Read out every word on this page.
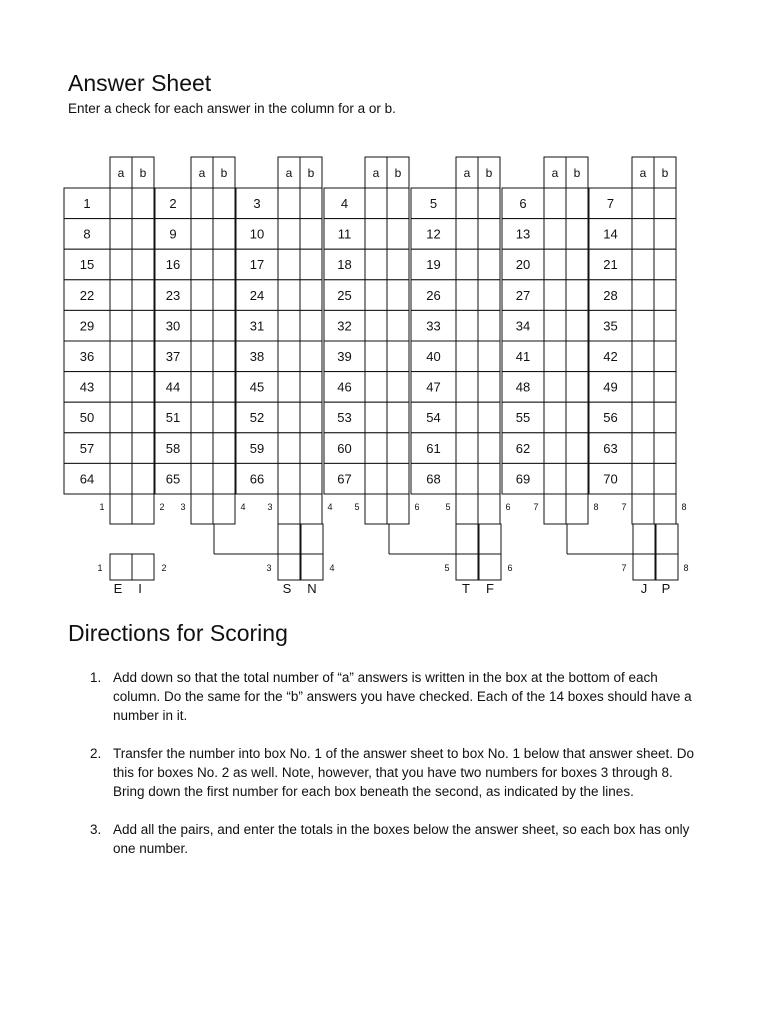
a b	a b	a b	a b	a b	a b	a b
1	2	3	4	5	6	7
8	9	10	11	12	13	14
15	16	17	18	19	20	21
22	23	24	25	26	27	28
29	30	31	32	33	34	35
36	37	38	39	40	41	42
43	44	45	46	47	48	49
50	51	52	53	54	55	56
57	58	59	60	61	62	63
64	65	66	67	68	69	70
1	2 3	4 3	4 5	6	5	6	7	8	7	8
1	2	3	4	5	6	7	8
E I	S N	T F	J P
Answer Sheet

Enter a check for each answer in the column for a or b.

Directions for Scoring
1. Add down so that the total number of “a” answers is written in the box at the bottom of each column. Do the same for the “b” answers you have checked. Each of the 14 boxes should have a number in it.
2. Transfer the number into box No. 1 of the answer sheet to box No. 1 below that answer sheet. Do this for boxes No. 2 as well. Note, however, that you have two numbers for boxes 3 through 8. Bring down the first number for each box beneath the second, as indicated by the lines.
3. Add all the pairs, and enter the totals in the boxes below the answer sheet, so each box has only one number.
